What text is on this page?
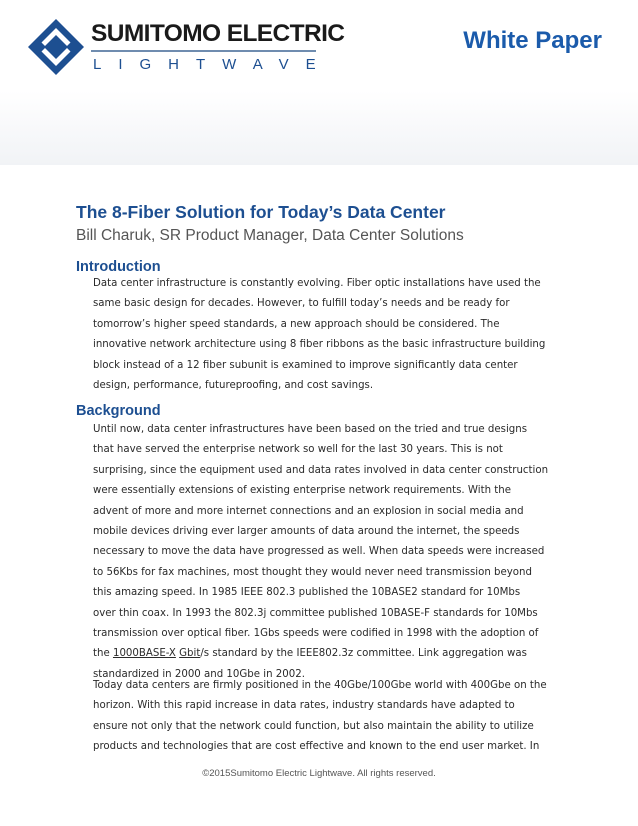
SUMITOMO ELECTRIC
LIGHTWAVE
White Paper
The 8-Fiber Solution for Today’s Data Center

Bill Charuk, SR Product Manager, Data Center Solutions

Introduction
Data center infrastructure is constantly evolving. Fiber optic installations have used the
same basic design for decades. However, to fulfill today’s needs and be ready for
tomorrow’s higher speed standards, a new approach should be considered. The
innovative network architecture using 8 fiber ribbons as the basic infrastructure building
block instead of a 12 fiber subunit is examined to improve significantly data center
design, performance, futureproofing, and cost savings.
Background
Until now, data center infrastructures have been based on the tried and true designs
that have served the enterprise network so well for the last 30 years. This is not
surprising, since the equipment used and data rates involved in data center construction
were essentially extensions of existing enterprise network requirements. With the
advent of more and more internet connections and an explosion in social media and
mobile devices driving ever larger amounts of data around the internet, the speeds
necessary to move the data have progressed as well. When data speeds were increased
to 56Kbs for fax machines, most thought they would never need transmission beyond
this amazing speed. In 1985 IEEE 802.3 published the 10BASE2 standard for 10Mbs
over thin coax. In 1993 the 802.3j committee published 10BASE-F standards for 10Mbs
transmission over optical fiber. 1Gbs speeds were codified in 1998 with the adoption of
the 1000BASE-X Gbit/s standard by the IEEE802.3z committee. Link aggregation was
standardized in 2000 and 10Gbe in 2002.
Today data centers are firmly positioned in the 40Gbe/100Gbe world with 400Gbe on the
horizon. With this rapid increase in data rates, industry standards have adapted to
ensure not only that the network could function, but also maintain the ability to utilize
products and technologies that are cost effective and known to the end user market. In
©2015Sumitomo Electric Lightwave. All rights reserved.
